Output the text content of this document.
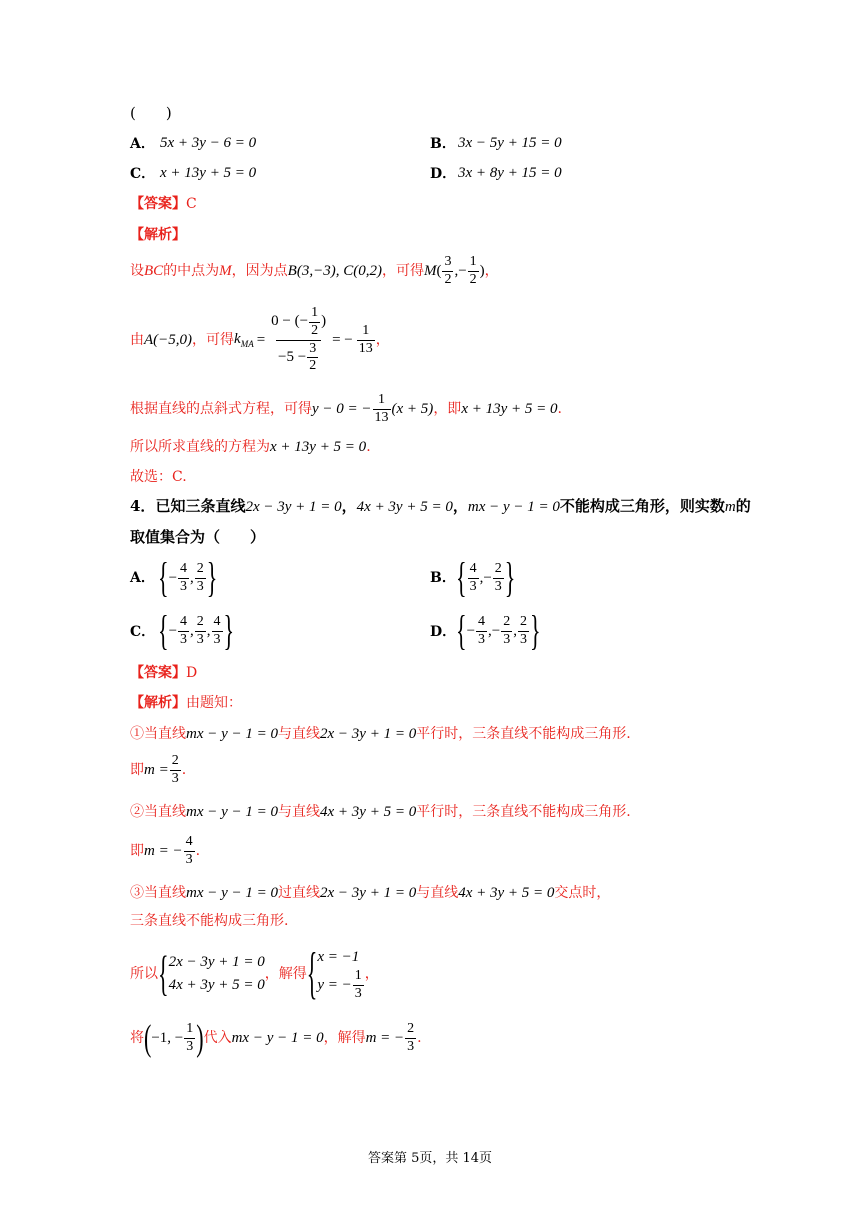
(　　)
A． 5x + 3y − 6 = 0	B． 3x − 5y + 15 = 0
C． x + 13y + 5 = 0	D． 3x + 8y + 15 = 0
【答案】C
【解析】
设 BC 的中点为 M ，因为点 B(3,−3), C(0,2) ，可得 M ( $\frac{3}{2}$ ,− $\frac{1}{2}$ ) ，
由 A(−5,0) ，可得 $k_{MA} = \frac{0 - (- \frac{1}{2} )}{-5 - \frac{3}{2}}$ = − $\frac{1}{13}$ ，
根据直线的点斜式方程，可得 y − 0 = − $\frac{1}{13} (x + 5)$ ，即 x + 13y + 5 = 0 .
所以所求直线的方程为x + 13y + 5 = 0.
故选：C.
4．已知三条直线2x − 3y + 1 = 0，4x + 3y + 5 = 0，mx − y − 1 = 0不能构成三角形，则实数m的
取值集合为（　　）
A． { − $\frac{4}{3}$ , $\frac{2}{3}$ }	B． { $\frac{4}{3}$ ,− $\frac{2}{3}$ }
C． { − $\frac{4}{3}$ , $\frac{2}{3}$ , $\frac{4}{3}$ }	D． { − $\frac{4}{3}$ ,− $\frac{2}{3}$ , $\frac{2}{3}$ }
【答案】D
【解析】由题知：
①当直线mx − y − 1 = 0与直线2x − 3y + 1 = 0平行时，三条直线不能构成三角形.
即 $m = \frac{2}{3}$ .
②当直线mx − y − 1 = 0与直线4x + 3y + 5 = 0平行时，三条直线不能构成三角形.
即 m = − $\frac{4}{3}$ .
③当直线mx − y − 1 = 0过直线2x − 3y + 1 = 0与直线4x + 3y + 5 = 0交点时，
三条直线不能构成三角形.
所以 { 2x − 3y + 1 = 0
4x + 3y + 5 = 0
，解得 { x = −1
y = − $\frac{1}{3}$ ，
将 ( −1, − $\frac{1}{3}$ ) 代入 mx − y − 1 = 0 ，解得 m = − $\frac{2}{3}$ .
答案第 5页，共 14页
